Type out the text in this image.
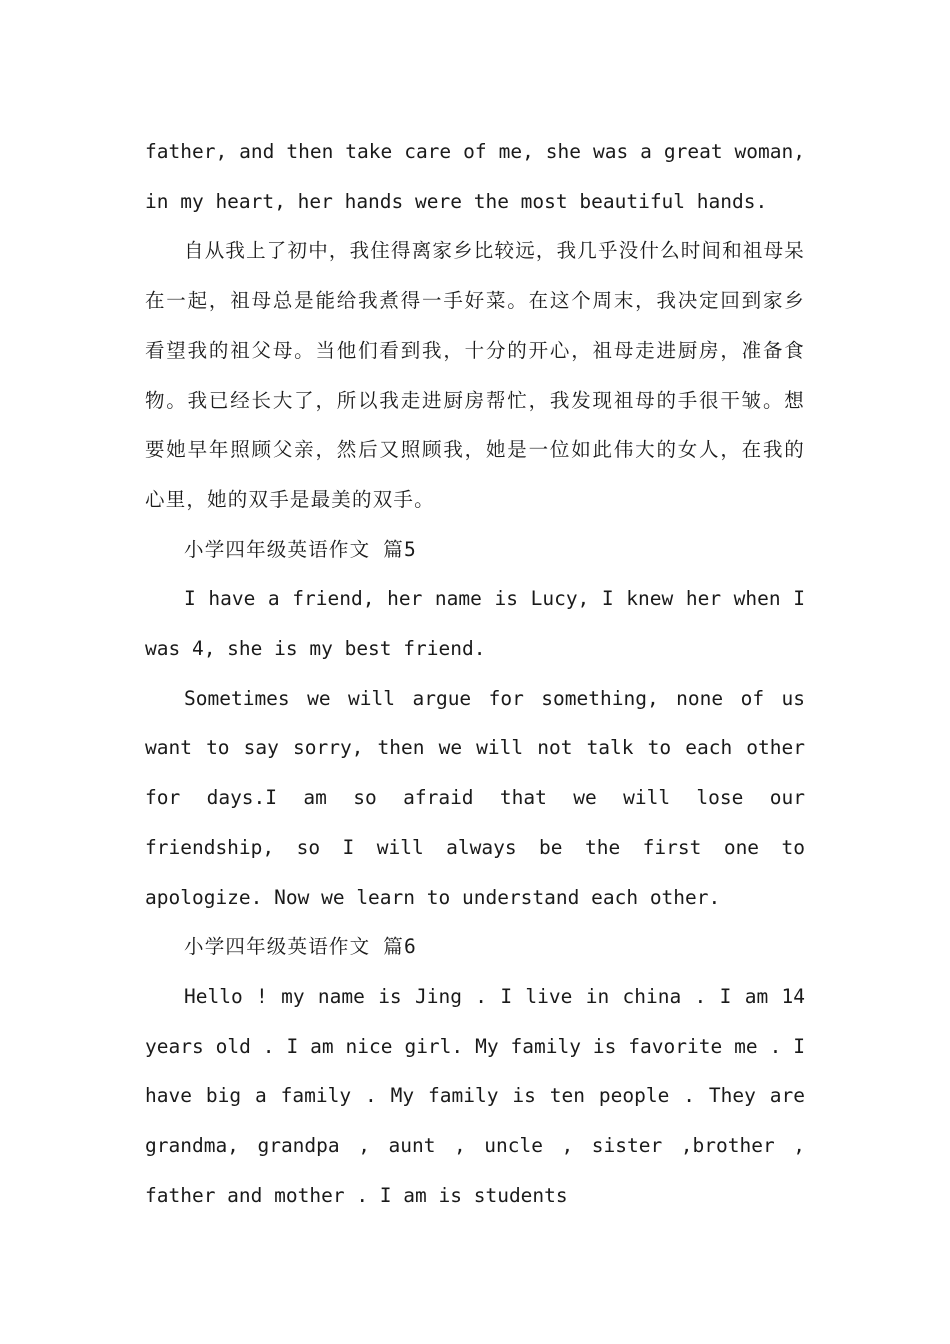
father, and then take care of me, she was a great woman, in my heart, her hands were the most beautiful hands.

自从我上了初中，我住得离家乡比较远，我几乎没什么时间和祖母呆在一起，祖母总是能给我煮得一手好菜。在这个周末，我决定回到家乡看望我的祖父母。当他们看到我，十分的开心，祖母走进厨房，准备食物。我已经长大了，所以我走进厨房帮忙，我发现祖母的手很干皱。想要她早年照顾父亲，然后又照顾我，她是一位如此伟大的女人，在我的心里，她的双手是最美的双手。

小学四年级英语作文 篇5

I have a friend, her name is Lucy, I knew her when I was 4, she is my best friend.

Sometimes we will argue for something, none of us want to say sorry, then we will not talk to each other for days.I am so afraid that we will lose our friendship, so I will always be the first one to apologize. Now we learn to understand each other.

小学四年级英语作文 篇6

Hello ! my name is Jing . I live in china . I am 14 years old . I am nice girl. My family is favorite me . I have big a family . My family is ten people . They are grandma, grandpa , aunt , uncle , sister ,brother , father and mother . I am is students
